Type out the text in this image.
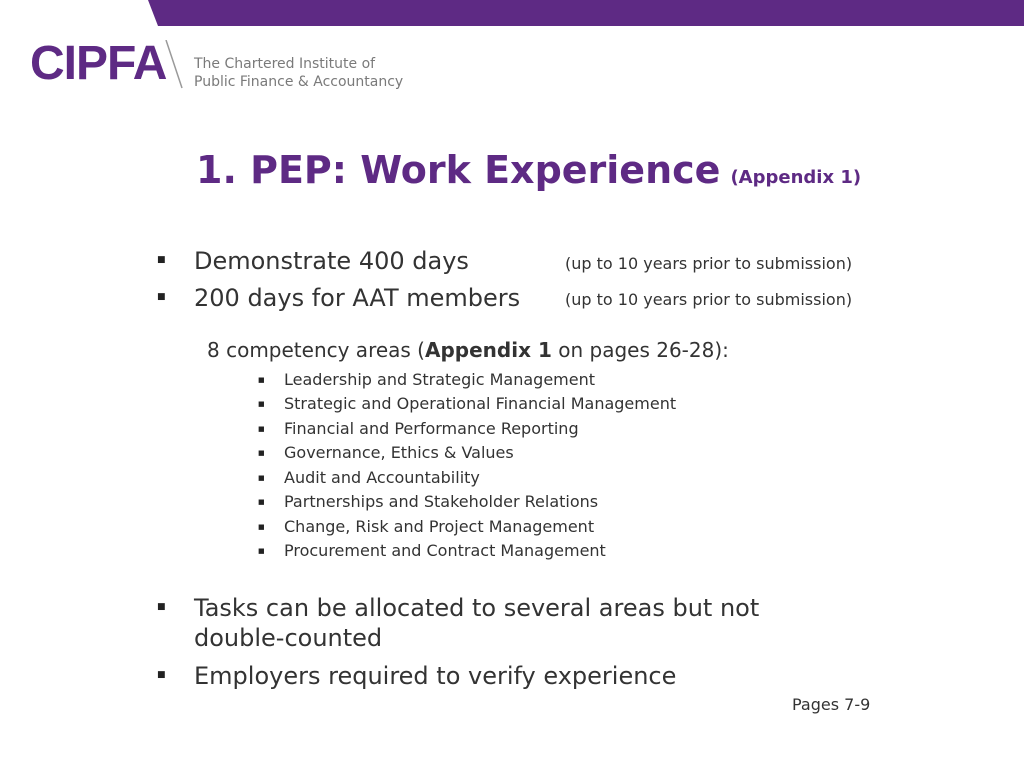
CIPFA The Chartered Institute of
Public Finance & Accountancy
1. PEP: Work Experience (Appendix 1)
■ Demonstrate 400 days	(up to 10 years prior to submission)
■ 200 days for AAT members	(up to 10 years prior to submission)
8 competency areas (Appendix 1 on pages 26-28):
■ Leadership and Strategic Management
■ Strategic and Operational Financial Management
■ Financial and Performance Reporting
■ Governance, Ethics & Values
■ Audit and Accountability
■ Partnerships and Stakeholder Relations
■ Change, Risk and Project Management
■ Procurement and Contract Management
■ Tasks can be allocated to several areas but not
double-counted
■ Employers required to verify experience
Pages 7-9
